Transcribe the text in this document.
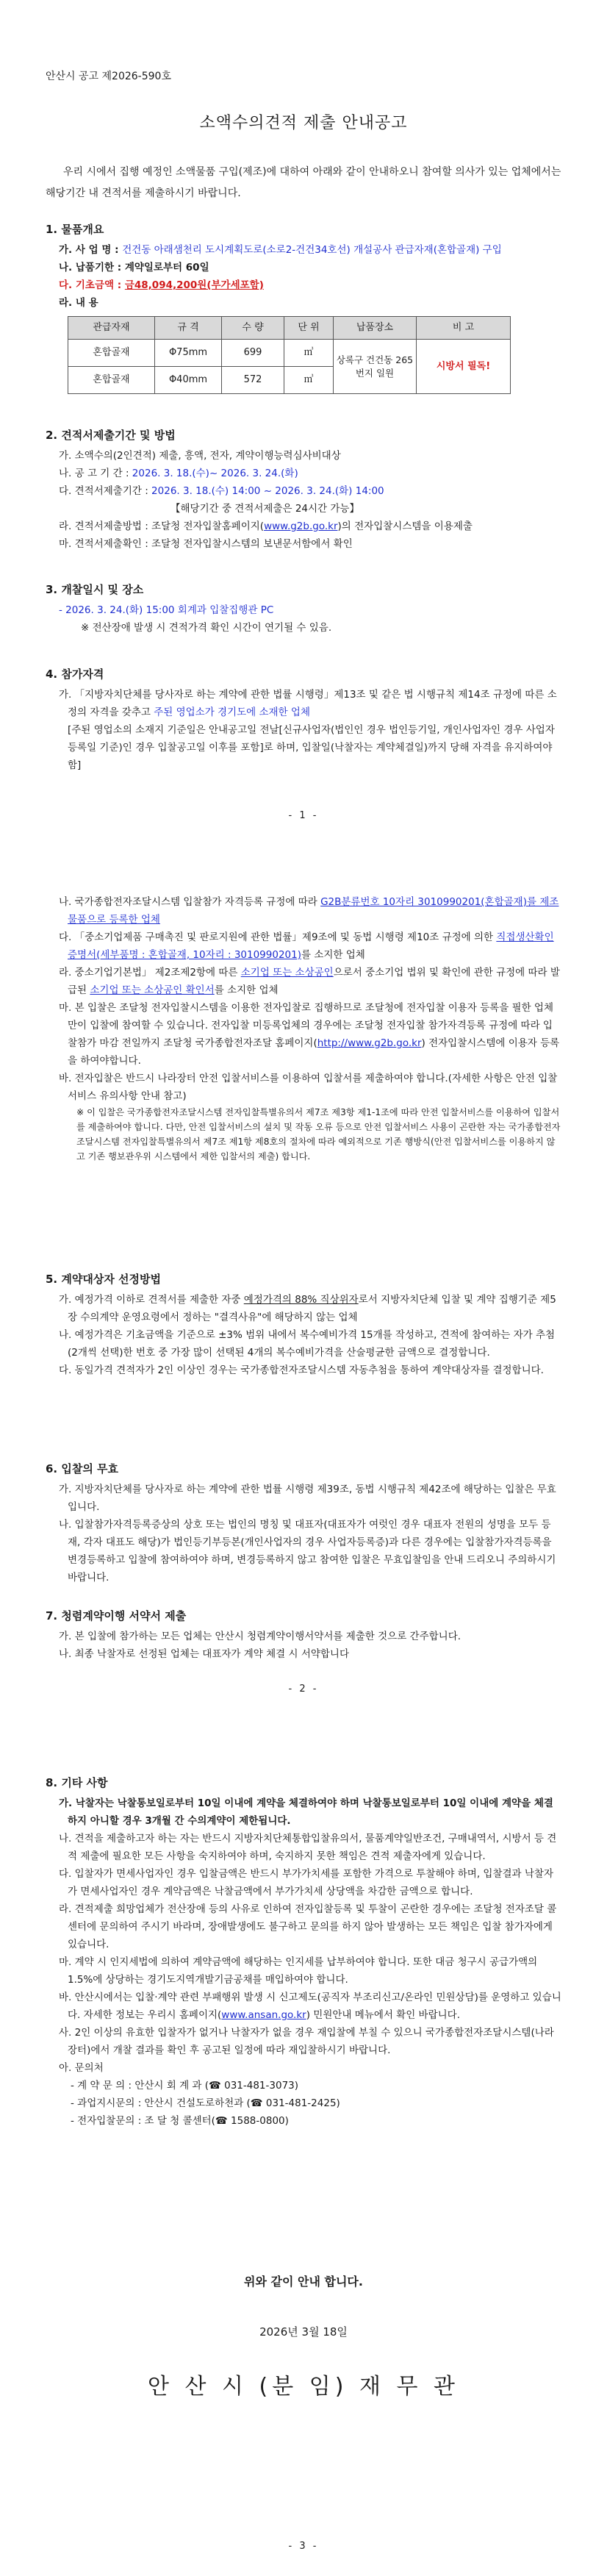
안산시 공고 제2026-590호
소액수의견적 제출 안내공고
우리 시에서 집행 예정인 소액물품 구입(제조)에 대하여 아래와 같이 안내하오니 참여할 의사가 있는 업체에서는 해당기간 내 견적서를 제출하시기 바랍니다.
1. 물품개요
가. 사 업 명 : 건건동 아래샘천리 도시계획도로(소로2-건건34호선) 개설공사 관급자재(혼합골재) 구입
나. 납품기한 : 계약일로부터 60일
다. 기초금액 : 금48,094,200원(부가세포함)
라. 내 용
관급자재	규 격	수 량	단 위	납품장소	비 고
혼합골재	Φ75mm	699	㎥	상록구 건건동 265번지 일원	시방서 필독!
혼합골재	Φ40mm	572	㎥		
2. 견적서제출기간 및 방법
가. 소액수의(2인견적) 제출, 흥액, 전자, 계약이행능력심사비대상
나. 공 고 기 간 : 2026. 3. 18.(수)~ 2026. 3. 24.(화)
다. 견적서제출기간 : 2026. 3. 18.(수) 14:00 ~ 2026. 3. 24.(화) 14:00
【해당기간 중 견적서제출은 24시간 가능】
라. 견적서제출방법 : 조달청 전자입찰홈페이지(www.g2b.go.kr)의 전자입찰시스템을 이용제출
마. 견적서제출확인 : 조달청 전자입찰시스템의 보낸문서함에서 확인
3. 개찰일시 및 장소
- 2026. 3. 24.(화) 15:00 회계과 입찰집행관 PC
※ 전산장애 발생 시 견적가격 확인 시간이 연기될 수 있음.
4. 참가자격
가. 「지방자치단체를 당사자로 하는 계약에 관한 법률 시행령」제13조 및 같은 법 시행규칙 제14조 규정에 따른 소정의 자격을 갖추고 주된 영업소가 경기도에 소재한 업체
[주된 영업소의 소재지 기준일은 안내공고일 전날[신규사업자(법인인 경우 법인등기일, 개인사업자인 경우 사업자등록일 기준)인 경우 입찰공고일 이후를 포함]로 하며, 입찰일(낙찰자는 계약체결일)까지 당해 자격을 유지하여야 함]
- 1 -
나. 국가종합전자조달시스템 입찰참가 자격등록 규정에 따라 G2B분류번호 10자리 3010990201(혼합골재)를 제조물품으로 등록한 업체
다. 「중소기업제품 구매촉진 및 판로지원에 관한 법률」제9조에 및 동법 시행령 제10조 규정에 의한 직접생산확인증명서(세부품명 : 혼합골재, 10자리 : 3010990201)를 소지한 업체
라. 중소기업기본법」 제2조제2항에 따른 소기업 또는 소상공인으로서 중소기업 법위 및 확인에 관한 규정에 따라 발급된 소기업 또는 소상공인 확인서를 소지한 업체
마. 본 입찰은 조달청 전자입찰시스템을 이용한 전자입찰로 집행하므로 조달청에 전자입찰 이용자 등록을 필한 업체만이 입찰에 참여할 수 있습니다. 전자입찰 미등록업체의 경우에는 조달청 전자입찰 참가자격등록 규정에 따라 입찰참가 마감 전일까지 조달청 국가종합전자조달 홈페이지(http://www.g2b.go.kr) 전자입찰시스템에 이용자 등록을 하여야합니다.
바. 전자입찰은 반드시 나라장터 안전 입찰서비스를 이용하여 입찰서를 제출하여야 합니다.(자세한 사항은 안전 입찰서비스 유의사항 안내 참고)
※ 이 입찰은 국가종합전자조달시스템 전자입찰특별유의서 제7조 제3항 제1-1조에 따라 안전 입찰서비스를 이용하여 입찰서를 제출하여야 합니다. 다만, 안전 입찰서비스의 설치 및 작동 오류 등으로 안전 입찰서비스 사용이 곤란한 자는 국가종합전자조달시스템 전자입찰특별유의서 제7조 제1항 제8호의 절차에 따라 예외적으로 기존 행방식(안전 입찰서비스를 이용하지 않고 기존 행보관우위 시스템에서 제한 입찰서의 제출) 합니다.
5. 계약대상자 선정방법
가. 예정가격 이하로 견적서를 제출한 자중 예정가격의 88% 직상위자로서 지방자치단체 입찰 및 계약 집행기준 제5장 수의계약 운영요령에서 정하는 "결격사유"에 해당하지 않는 업체
나. 예정가격은 기초금액을 기준으로 ±3% 범위 내에서 복수예비가격 15개를 작성하고, 견적에 참여하는 자가 추첨(2개씩 선택)한 번호 중 가장 많이 선택된 4개의 복수예비가격을 산술평균한 금액으로 결정합니다.
다. 동일가격 견적자가 2인 이상인 경우는 국가종합전자조달시스템 자동추첨을 통하여 계약대상자를 결정합니다.
6. 입찰의 무효
가. 지방자치단체를 당사자로 하는 계약에 관한 법률 시행령 제39조, 동법 시행규칙 제42조에 해당하는 입찰은 무효입니다.
나. 입찰참가자격등록증상의 상호 또는 법인의 명칭 및 대표자(대표자가 여럿인 경우 대표자 전원의 성명을 모두 등재, 각자 대표도 해당)가 법인등기부등본(개인사업자의 경우 사업자등록증)과 다른 경우에는 입찰참가자격등록을 변경등록하고 입찰에 참여하여야 하며, 변경등록하지 않고 참여한 입찰은 무효입찰임을 안내 드리오니 주의하시기 바랍니다.
7. 청렴계약이행 서약서 제출
가. 본 입찰에 참가하는 모든 업체는 안산시 청렴계약이행서약서를 제출한 것으로 간주합니다.
나. 최종 낙찰자로 선정된 업체는 대표자가 계약 체결 시 서약합니다
- 2 -
8. 기타 사항
가. 낙찰자는 낙찰통보일로부터 10일 이내에 계약을 체결하여야 하며 낙찰통보일로부터 10일 이내에 계약을 체결하지 아니할 경우 3개월 간 수의계약이 제한됩니다.
나. 견적을 제출하고자 하는 자는 반드시 지방자치단체통합입찰유의서, 물품계약일반조건, 구매내역서, 시방서 등 견적 제출에 필요한 모든 사항을 숙지하여야 하며, 숙지하지 못한 책임은 견적 제출자에게 있습니다.
다. 입찰자가 면세사업자인 경우 입찰금액은 반드시 부가가치세를 포함한 가격으로 투찰해야 하며, 입찰결과 낙찰자가 면세사업자인 경우 계약금액은 낙찰금액에서 부가가치세 상당액을 차감한 금액으로 합니다.
라. 견적제출 희망업체가 전산장애 등의 사유로 인하여 전자입찰등록 및 투찰이 곤란한 경우에는 조달청 전자조달 콜센터에 문의하여 주시기 바라며, 장애발생에도 불구하고 문의를 하지 않아 발생하는 모든 책임은 입찰 참가자에게 있습니다.
마. 계약 시 인지세법에 의하여 계약금액에 해당하는 인지세를 납부하여야 합니다. 또한 대금 청구시 공급가액의 1.5%에 상당하는 경기도지역개발기금공채를 매입하여야 합니다.
바. 안산시에서는 입찰·계약 관련 부패행위 발생 시 신고제도(공직자 부조리신고/온라인 민원상담)를 운영하고 있습니다. 자세한 정보는 우리시 홈페이지(www.ansan.go.kr) 민원안내 메뉴에서 확인 바랍니다.
사. 2인 이상의 유효한 입찰자가 없거나 낙찰자가 없을 경우 재입찰에 부칠 수 있으니 국가종합전자조달시스템(나라장터)에서 개찰 결과를 확인 후 공고된 일정에 따라 재입찰하시기 바랍니다.
아. 문의처
- 계 약 문 의 : 안산시 회 계 과 (☎ 031-481-3073)
- 과업지시문의 : 안산시 건설도로하천과 (☎ 031-481-2425)
- 전자입찰문의 : 조 달 청 콜센터(☎ 1588-0800)
위와 같이 안내 합니다.
2026년 3월 18일
안 산 시 (분 임) 재 무 관
- 3 -
